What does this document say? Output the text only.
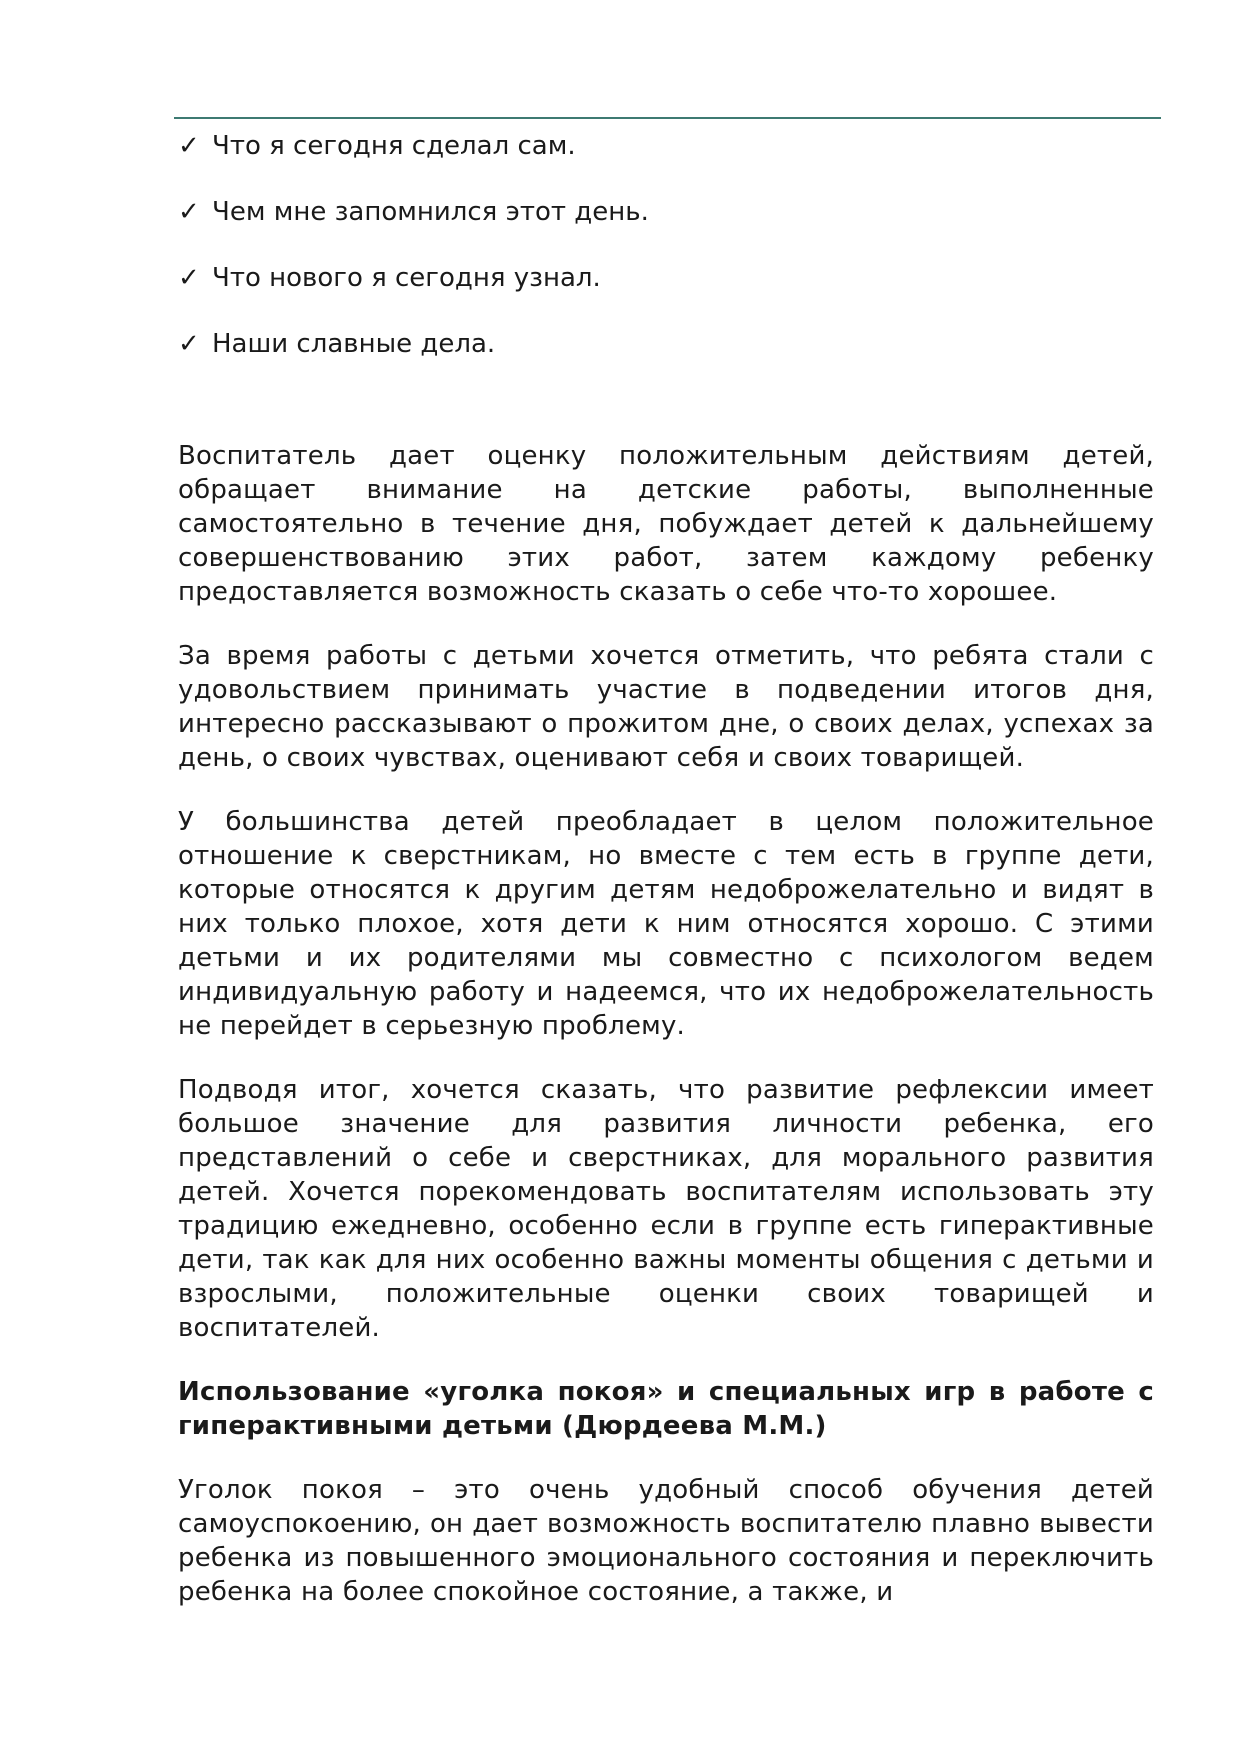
✓ Что я сегодня сделал сам.
✓ Чем мне запомнился этот день.
✓ Что нового я сегодня узнал.
✓ Наши славные дела.

Воспитатель дает оценку положительным действиям детей, обращает внимание на детские работы, выполненные самостоятельно в течение дня, побуждает детей к дальнейшему совершенствованию этих работ, затем каждому ребенку предоставляется возможность сказать о себе что-то хорошее.

За время работы с детьми хочется отметить, что ребята стали с удовольствием принимать участие в подведении итогов дня, интересно рассказывают о прожитом дне, о своих делах, успехах за день, о своих чувствах, оценивают себя и своих товарищей.

У большинства детей преобладает в целом положительное отношение к сверстникам, но вместе с тем есть в группе дети, которые относятся к другим детям недоброжелательно и видят в них только плохое, хотя дети к ним относятся хорошо. С этими детьми и их родителями мы совместно с психологом ведем индивидуальную работу и надеемся, что их недоброжелательность не перейдет в серьезную проблему.

Подводя итог, хочется сказать, что развитие рефлексии имеет большое значение для развития личности ребенка, его представлений о себе и сверстниках, для морального развития детей. Хочется порекомендовать воспитателям использовать эту традицию ежедневно, особенно если в группе есть гиперактивные дети, так как для них особенно важны моменты общения с детьми и взрослыми, положительные оценки своих товарищей и воспитателей.

Использование «уголка покоя» и специальных игр в работе с гиперактивными детьми (Дюрдеева М.М.)

Уголок покоя – это очень удобный способ обучения детей самоуспокоению, он дает возможность воспитателю плавно вывести ребенка из повышенного эмоционального состояния и переключить ребенка на более спокойное состояние, а также, и
